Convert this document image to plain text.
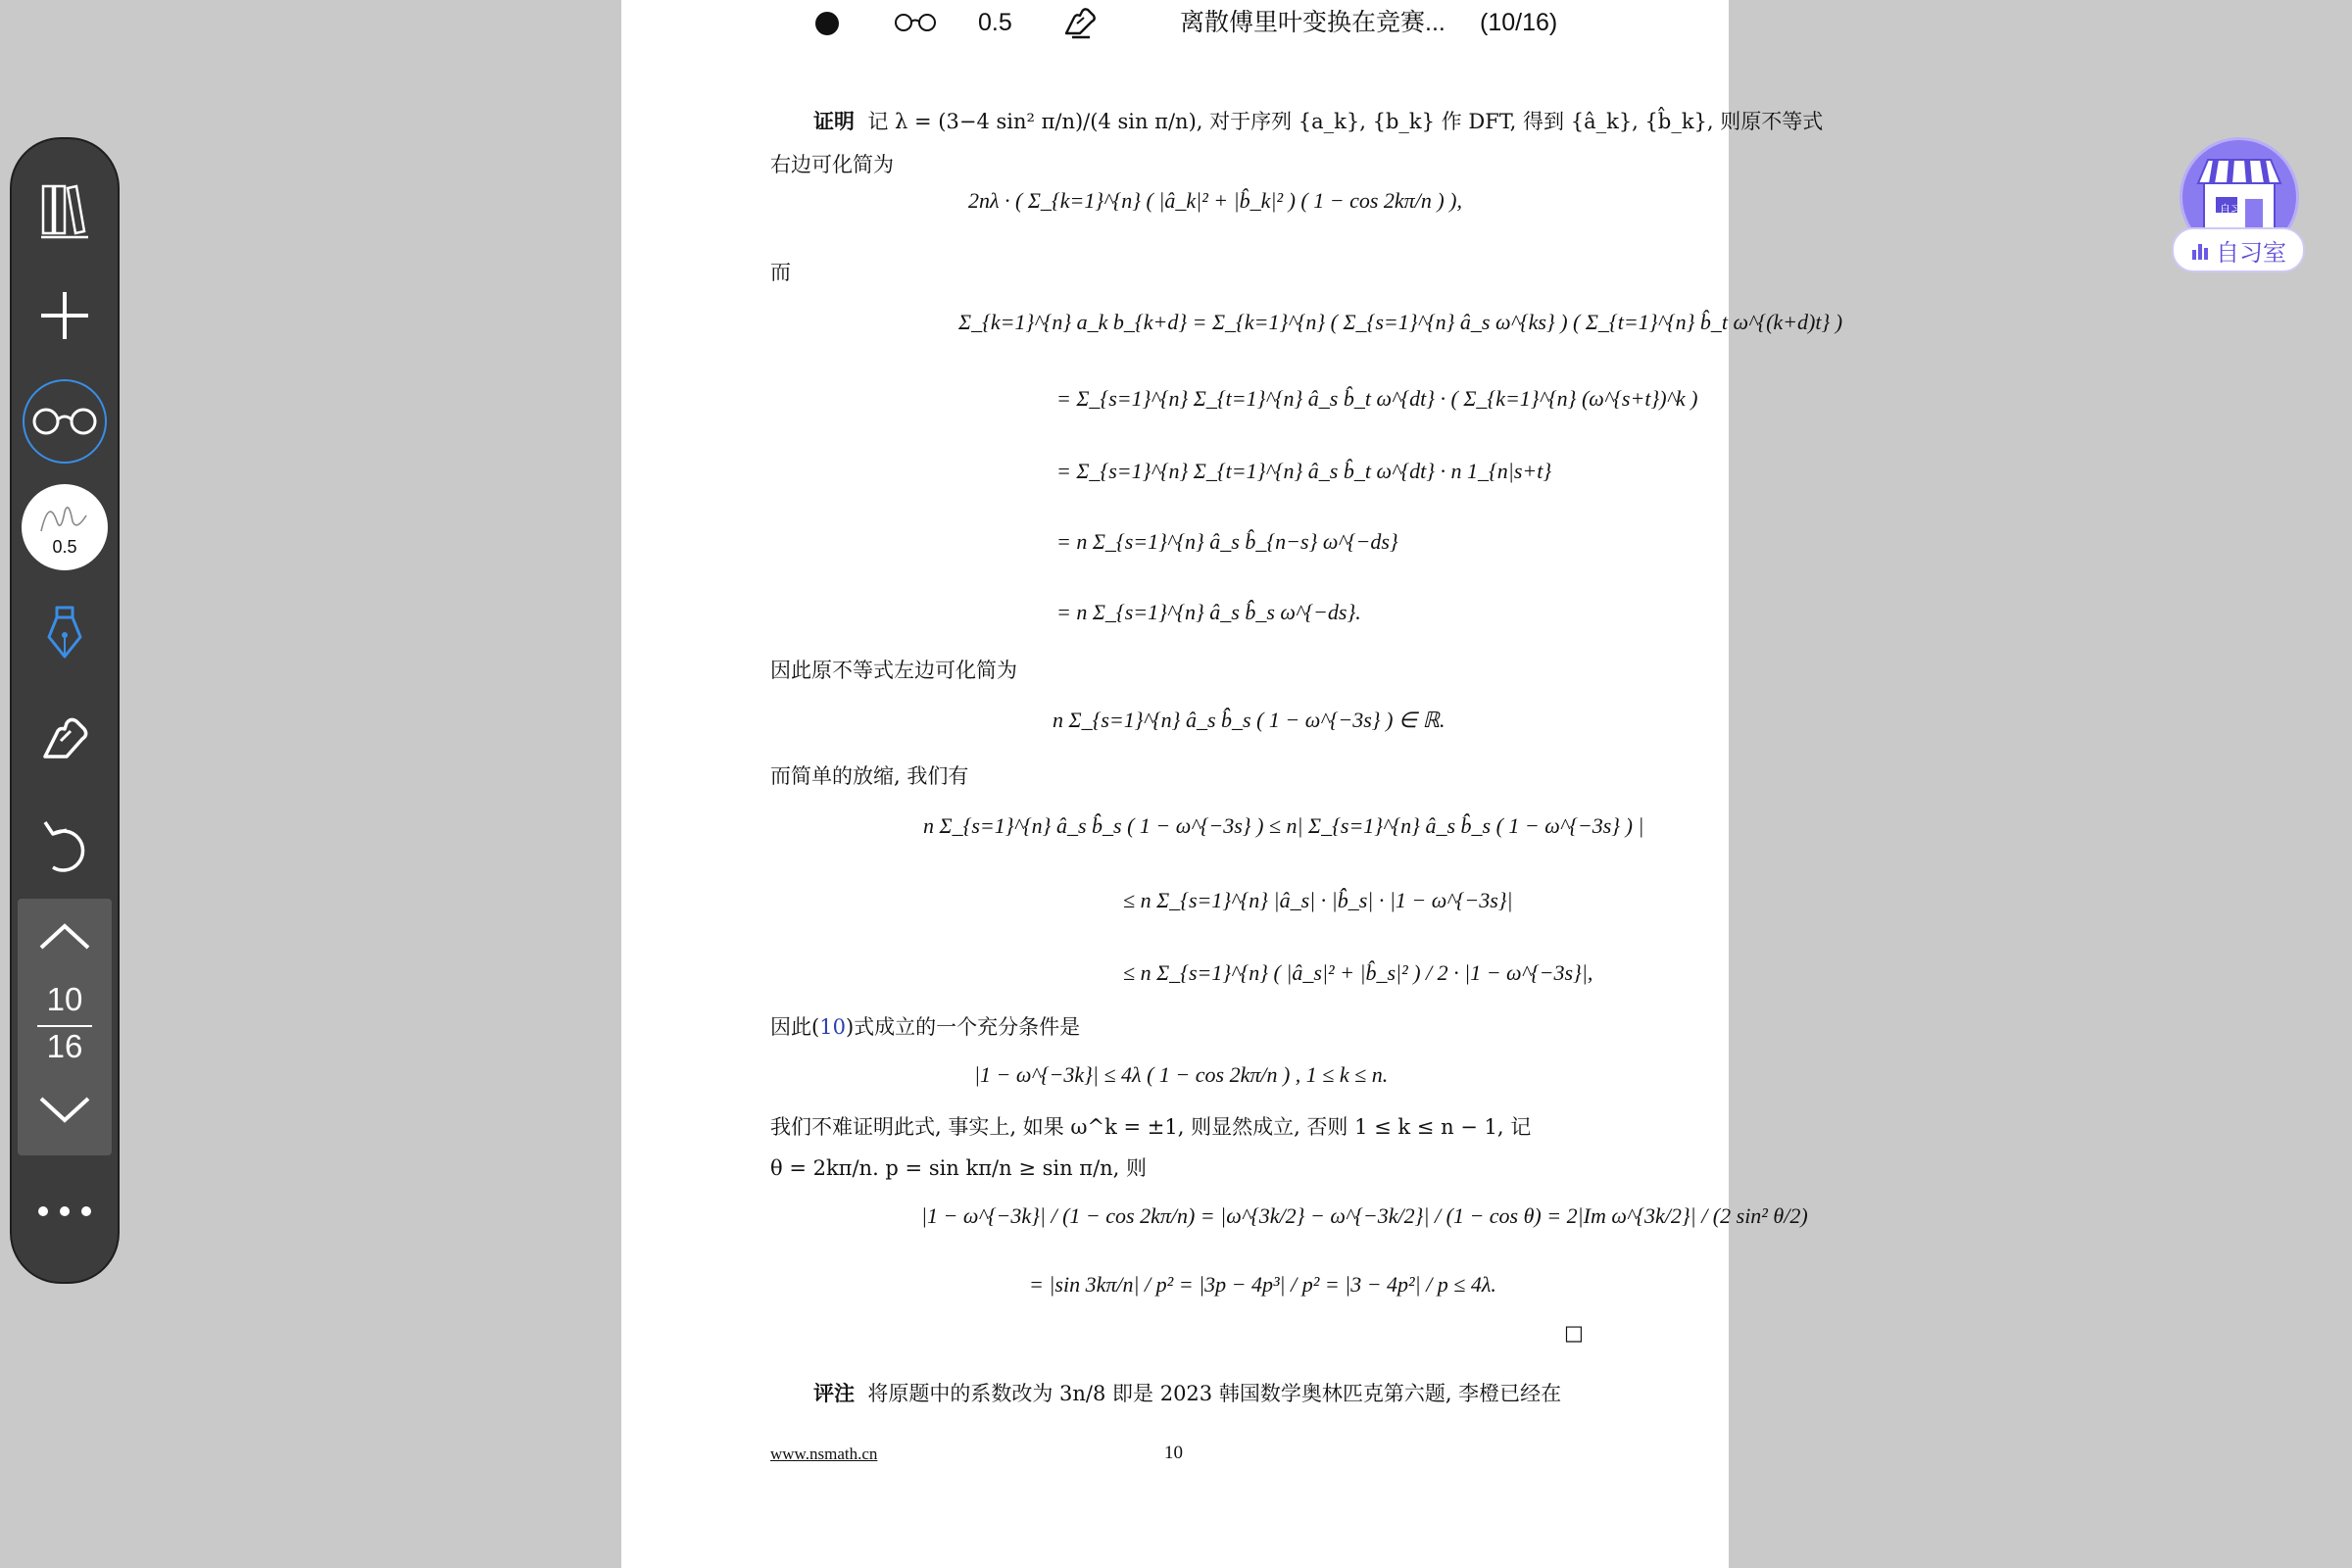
0.5	离散傅里叶变换在竞赛... (10/16)
证明 记 λ = (3−4 sin² π/n)/(4 sin π/n), 对于序列 {a_k}, {b_k} 作 DFT, 得到 {â_k}, {b̂_k}, 则原不等式
右边可化简为
2nλ · ( Σ_{k=1}^{n} ( |â_k|² + |b̂_k|² ) ( 1 − cos 2kπ/n ) ),
而
Σ_{k=1}^{n} a_k b_{k+d} = Σ_{k=1}^{n} ( Σ_{s=1}^{n} â_s ω^{ks} ) ( Σ_{t=1}^{n} b̂_t ω^{(k+d)t} )
= Σ_{s=1}^{n} Σ_{t=1}^{n} â_s b̂_t ω^{dt} · ( Σ_{k=1}^{n} (ω^{s+t})^k )
= Σ_{s=1}^{n} Σ_{t=1}^{n} â_s b̂_t ω^{dt} · n 1_{n|s+t}
= n Σ_{s=1}^{n} â_s b̂_{n−s} ω^{−ds}
= n Σ_{s=1}^{n} â_s b̂̂_s ω^{−ds}.
因此原不等式左边可化简为
n Σ_{s=1}^{n} â_s b̂̂_s ( 1 − ω^{−3s} ) ∈ ℝ.
而简单的放缩, 我们有
n Σ_{s=1}^{n} â_s b̂̂_s ( 1 − ω^{−3s} ) ≤ n| Σ_{s=1}^{n} â_s b̂̂_s ( 1 − ω^{−3s} ) |
≤ n Σ_{s=1}^{n} |â_s| · |b̂̂_s| · |1 − ω^{−3s}|
≤ n Σ_{s=1}^{n} ( |â_s|² + |b̂_s|² ) / 2 · |1 − ω^{−3s}|,
因此(10)式成立的一个充分条件是
|1 − ω^{−3k}| ≤ 4λ ( 1 − cos 2kπ/n ) , 1 ≤ k ≤ n.
我们不难证明此式, 事实上, 如果 ω^k = ±1, 则显然成立, 否则 1 ≤ k ≤ n − 1, 记
θ = 2kπ/n. p = sin kπ/n ≥ sin π/n, 则
|1 − ω^{−3k}| / (1 − cos 2kπ/n) = |ω^{3k/2} − ω^{−3k/2}| / (1 − cos θ) = 2|Im ω^{3k/2}| / (2 sin² θ/2)
= |sin 3kπ/n| / p² = |3p − 4p³| / p² = |3 − 4p²| / p ≤ 4λ.
□
评注 将原题中的系数改为 3n/8 即是 2023 韩国数学奥林匹克第六题, 李橙已经在
www.nsmath.cn	10
0.5
10
16
自习
自习室
